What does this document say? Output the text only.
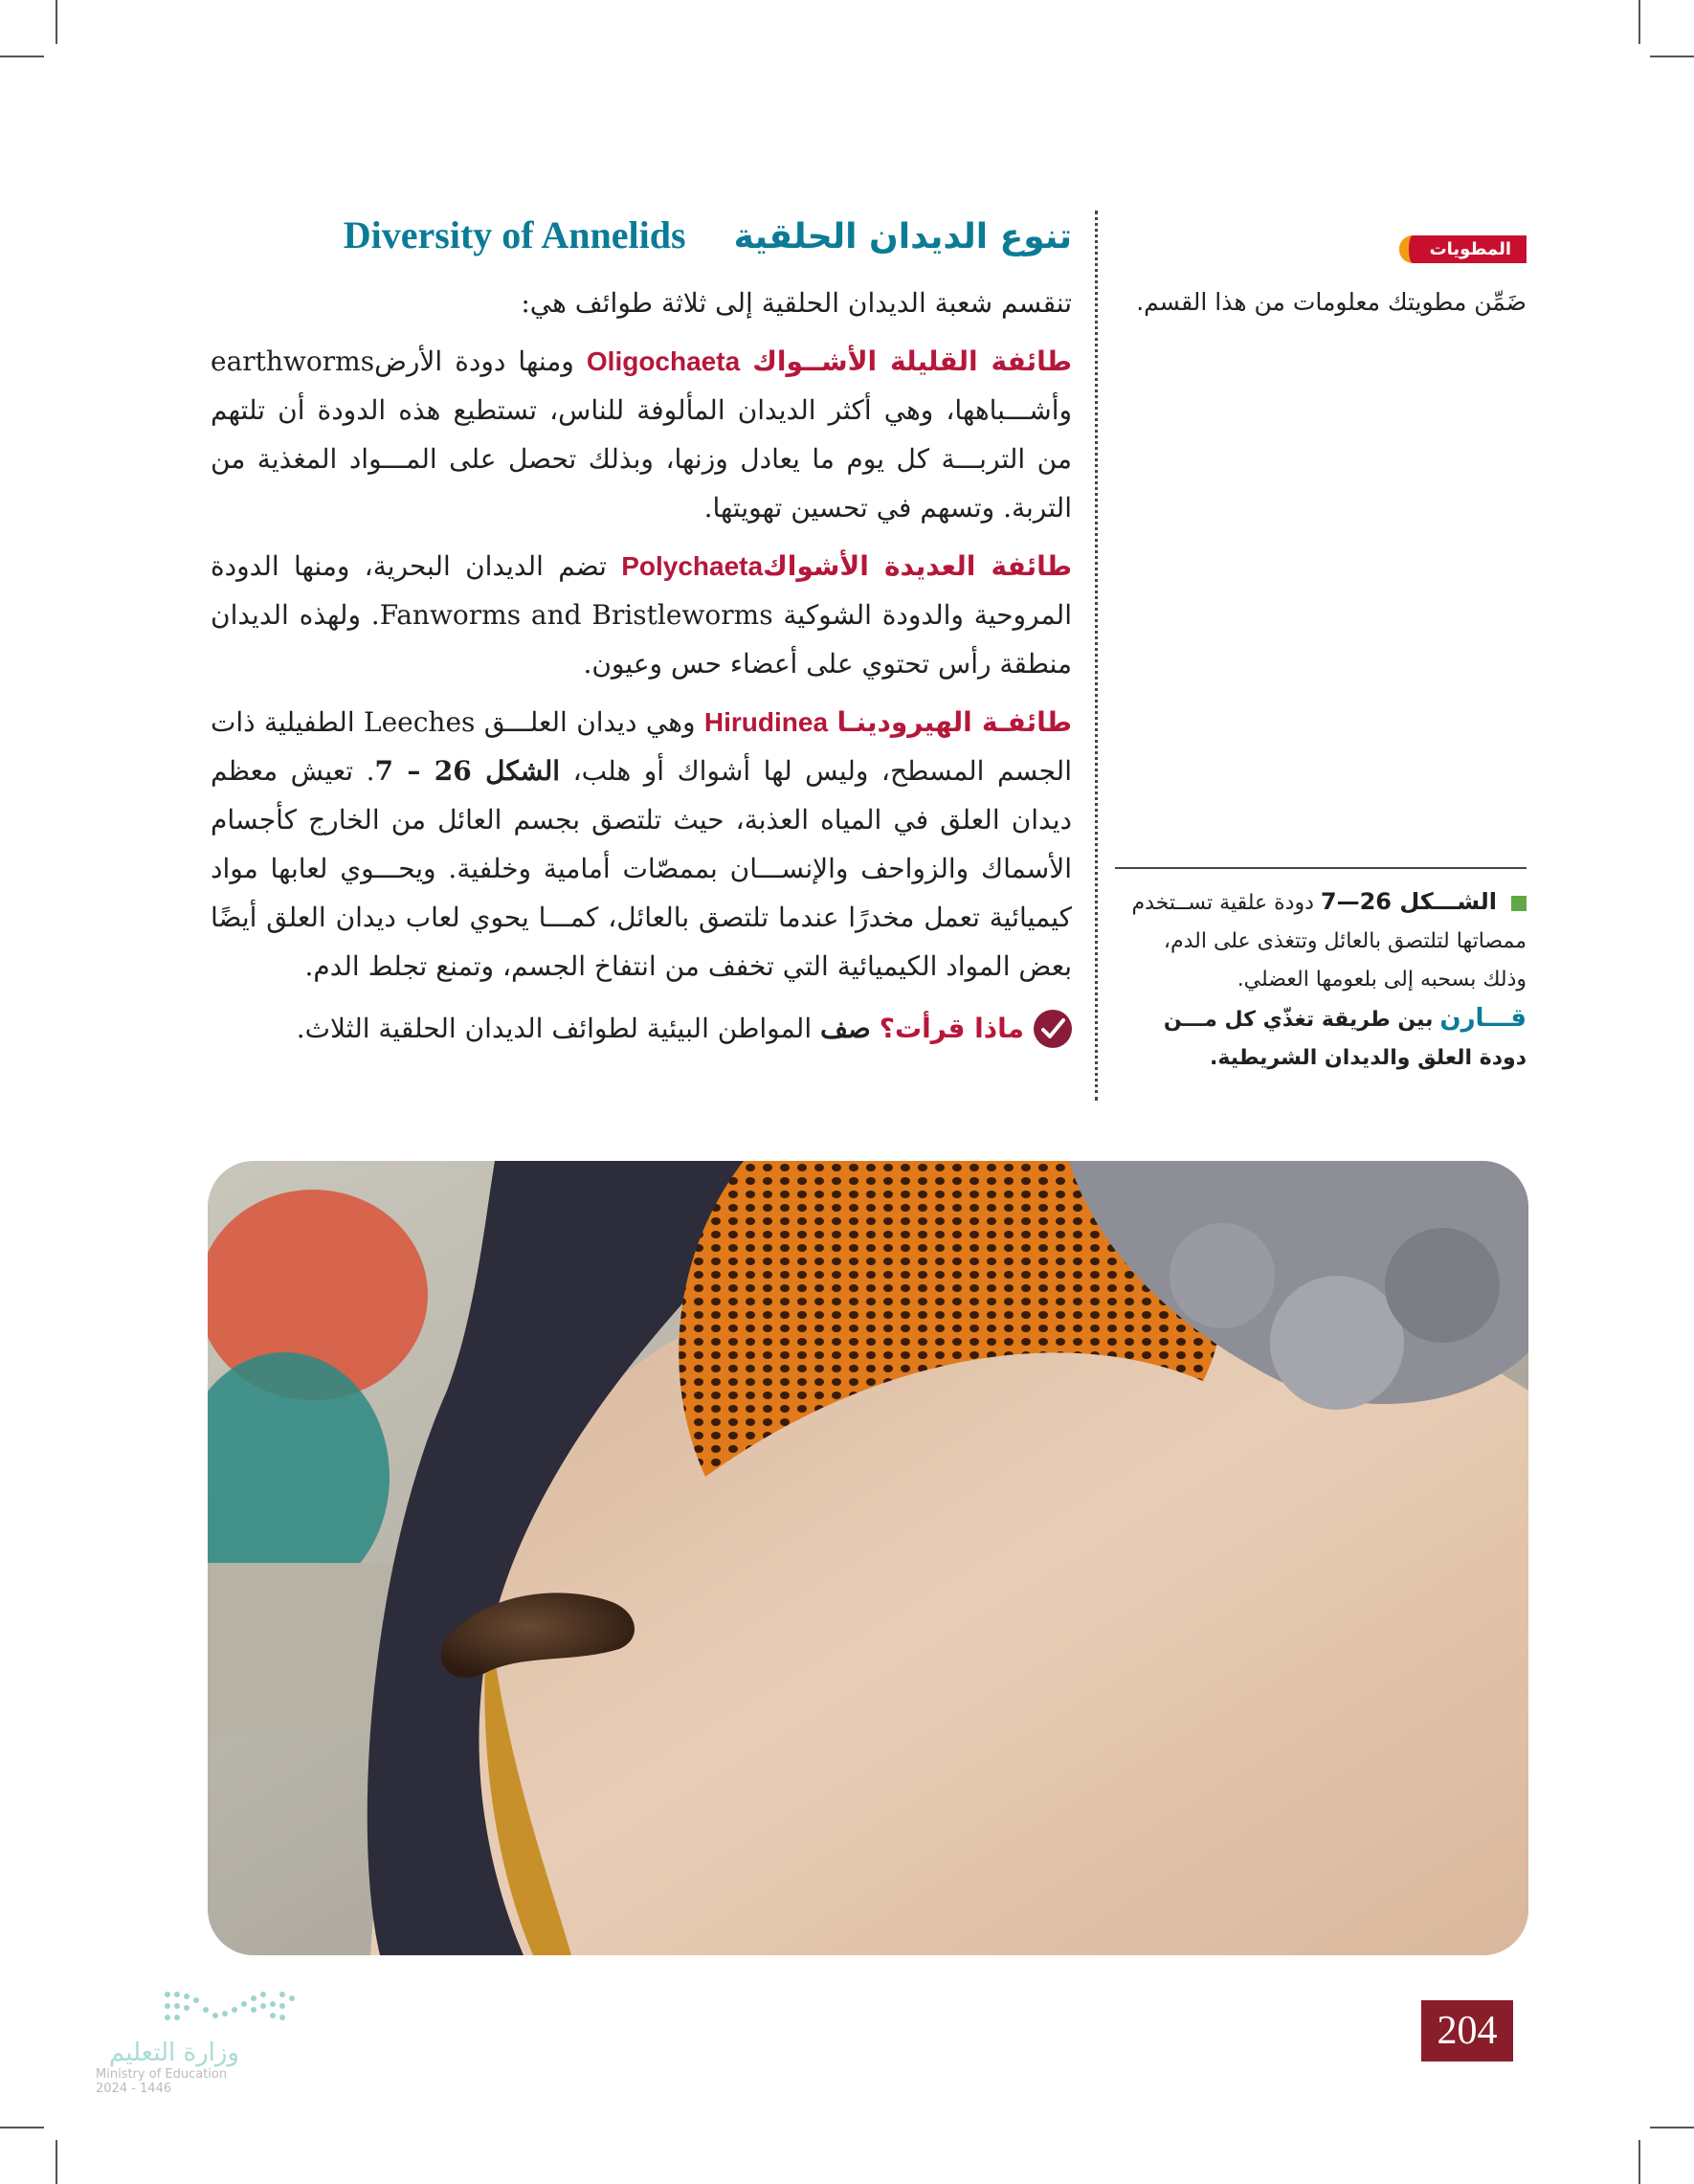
تنوع الديدان الحلقية
Diversity of Annelids

تنقسم شعبة الديدان الحلقية إلى ثلاثة طوائف هي:

طائفة القليلة الأشــواك Oligochaeta ومنها دودة الأرضearthworms وأشـــباهها، وهي أكثر الديدان المألوفة للناس، تستطيع هذه الدودة أن تلتهم من التربـــة كل يوم ما يعادل وزنها، وبذلك تحصل على المـــواد المغذية من التربة. وتسهم في تحسين تهويتها.

طائفة العديدة الأشواكPolychaeta تضم الديدان البحرية، ومنها الدودة المروحية والدودة الشوكية Fanworms and Bristleworms. ولهذه الديدان منطقة رأس تحتوي على أعضاء حس وعيون.

طائفـة الهيرودينـا Hirudinea وهي ديدان العلـــق Leeches الطفيلية ذات الجسم المسطح، وليس لها أشواك أو هلب، الشكل 26 – 7. تعيش معظم ديدان العلق في المياه العذبة، حيث تلتصق بجسم العائل من الخارج كأجسام الأسماك والزواحف والإنســـان بممصّات أمامية وخلفية. ويحـــوي لعابها مواد كيميائية تعمل مخدرًا عندما تلتصق بالعائل، كمـــا يحوي لعاب ديدان العلق أيضًا بعض المواد الكيميائية التي تخفف من انتفاخ الجسم، وتمنع تجلط الدم.

ماذا قرأت؟ صف المواطن البيئية لطوائف الديدان الحلقية الثلاث.
المطويات
ضَمِّن مطويتك معلومات من هذا القسم.
الشـــكل 26—7 دودة علقية تســتخدم ممصاتها لتلتصق بالعائل وتتغذى على الدم، وذلك بسحبه إلى بلعومها العضلي.
قـــارن بين طريقة تغذّي كل مـــن دودة العلق والديدان الشريطية.
وزارة التعليم
Ministry of Education
2024 - 1446
204
